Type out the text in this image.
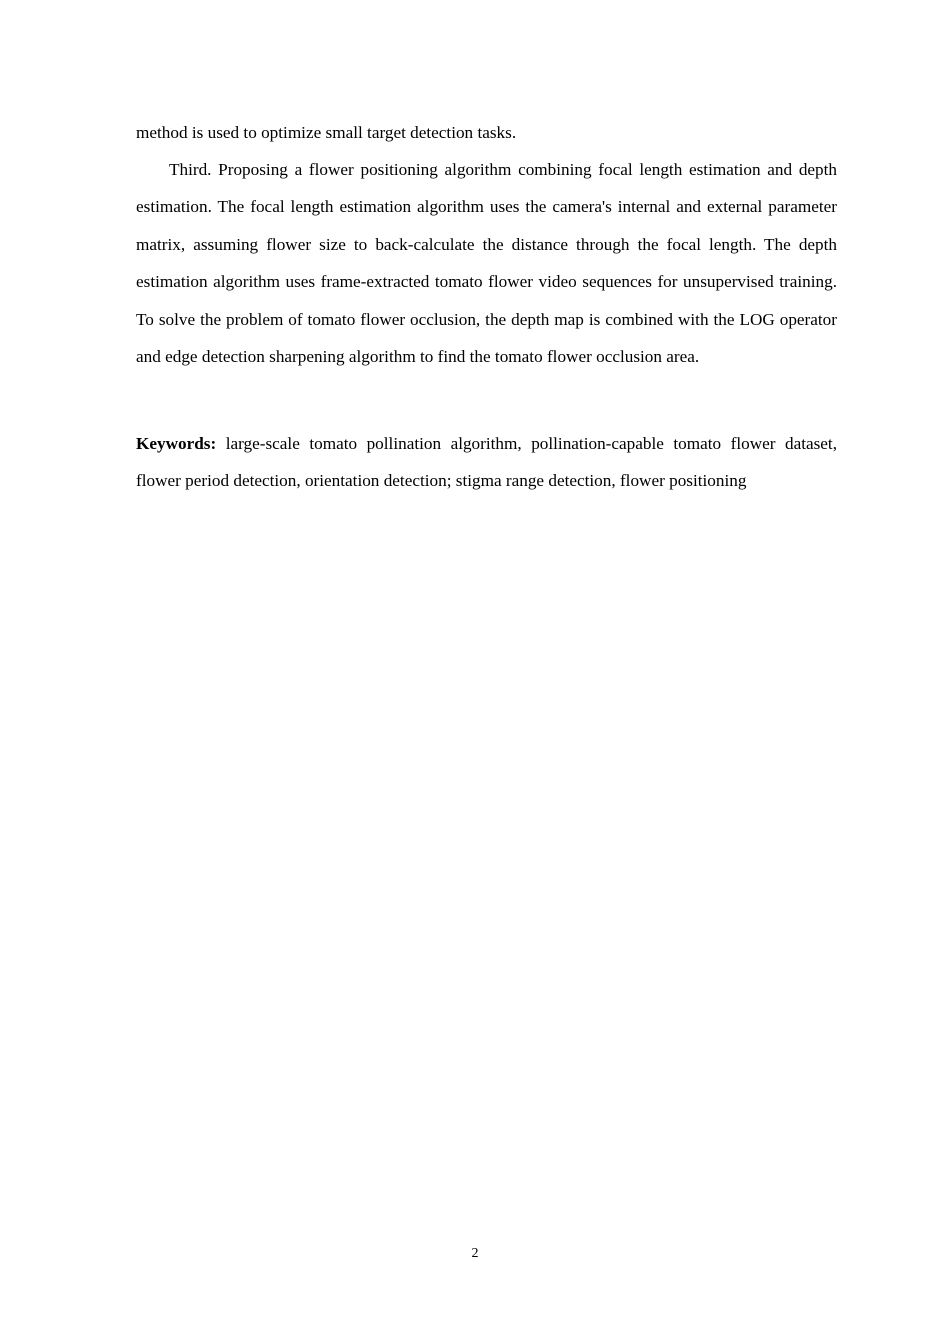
method is used to optimize small target detection tasks.

Third. Proposing a flower positioning algorithm combining focal length estimation and depth estimation. The focal length estimation algorithm uses the camera's internal and external parameter matrix, assuming flower size to back-calculate the distance through the focal length. The depth estimation algorithm uses frame-extracted tomato flower video sequences for unsupervised training. To solve the problem of tomato flower occlusion, the depth map is combined with the LOG operator and edge detection sharpening algorithm to find the tomato flower occlusion area.

Keywords: large-scale tomato pollination algorithm, pollination-capable tomato flower dataset, flower period detection, orientation detection; stigma range detection, flower positioning

2
